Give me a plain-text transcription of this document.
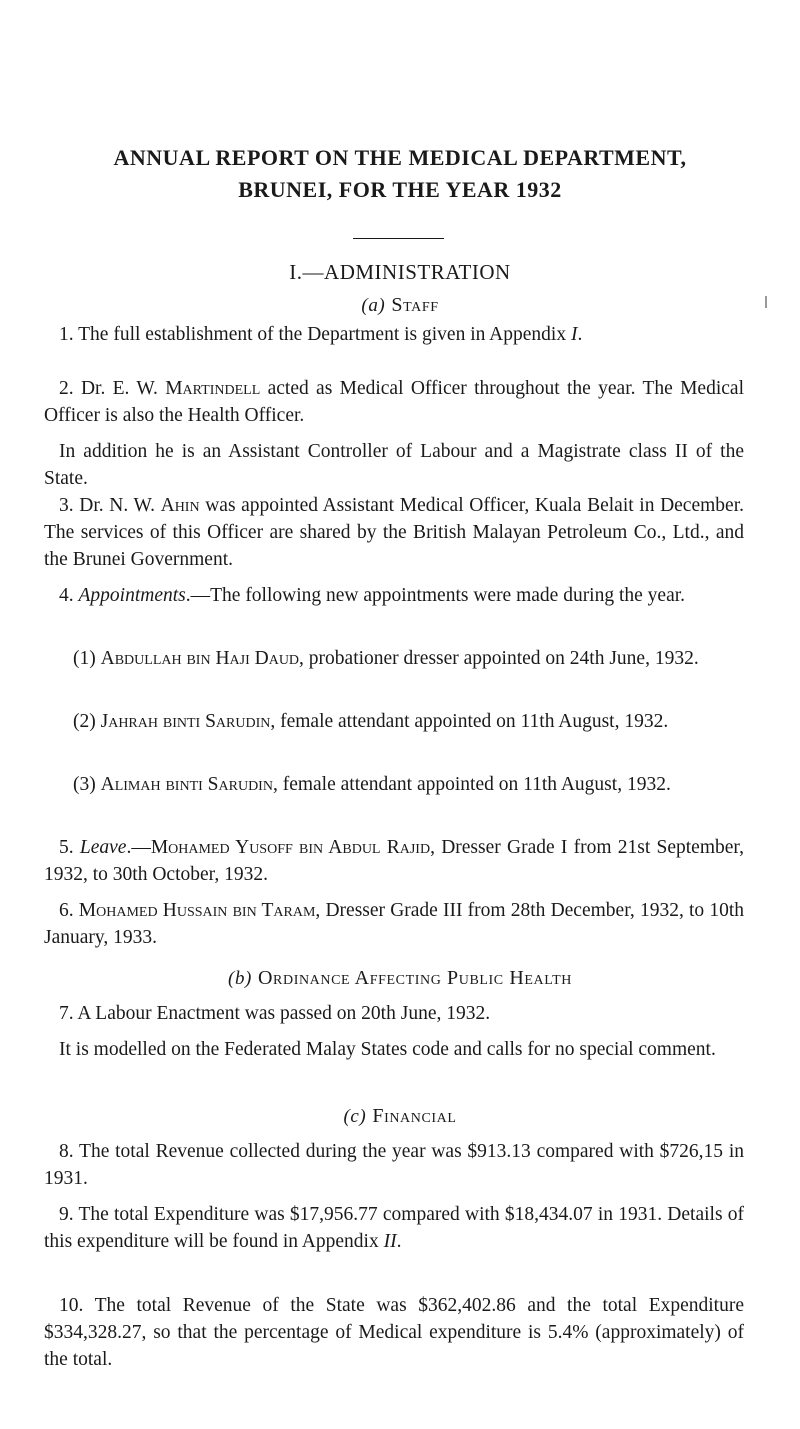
ANNUAL REPORT ON THE MEDICAL DEPARTMENT,
BRUNEI, FOR THE YEAR 1932
I.—ADMINISTRATION
(a) Staff

1. The full establishment of the Department is given in Appendix I.

2. Dr. E. W. Martindell acted as Medical Officer throughout the year. The Medical Officer is also the Health Officer.

In addition he is an Assistant Controller of Labour and a Magistrate class II of the State.

3. Dr. N. W. Ahin was appointed Assistant Medical Officer, Kuala Belait in December. The services of this Officer are shared by the British Malayan Petroleum Co., Ltd., and the Brunei Government.

4. Appointments.—The following new appointments were made during the year.

(1) Abdullah bin Haji Daud, probationer dresser appointed on 24th June, 1932.

(2) Jahrah binti Sarudin, female attendant appointed on 11th August, 1932.

(3) Alimah binti Sarudin, female attendant appointed on 11th August, 1932.

5. Leave.—Mohamed Yusoff bin Abdul Rajid, Dresser Grade I from 21st September, 1932, to 30th October, 1932.

6. Mohamed Hussain bin Taram, Dresser Grade III from 28th December, 1932, to 10th January, 1933.

(b) Ordinance Affecting Public Health

7. A Labour Enactment was passed on 20th June, 1932.

It is modelled on the Federated Malay States code and calls for no special comment.

(c) Financial

8. The total Revenue collected during the year was $913.13 compared with $726,15 in 1931.

9. The total Expenditure was $17,956.77 compared with $18,434.07 in 1931. Details of this expenditure will be found in Appendix II.

10. The total Revenue of the State was $362,402.86 and the total Expenditure $334,328.27, so that the percentage of Medical expenditure is 5.4% (approximately) of the total.
